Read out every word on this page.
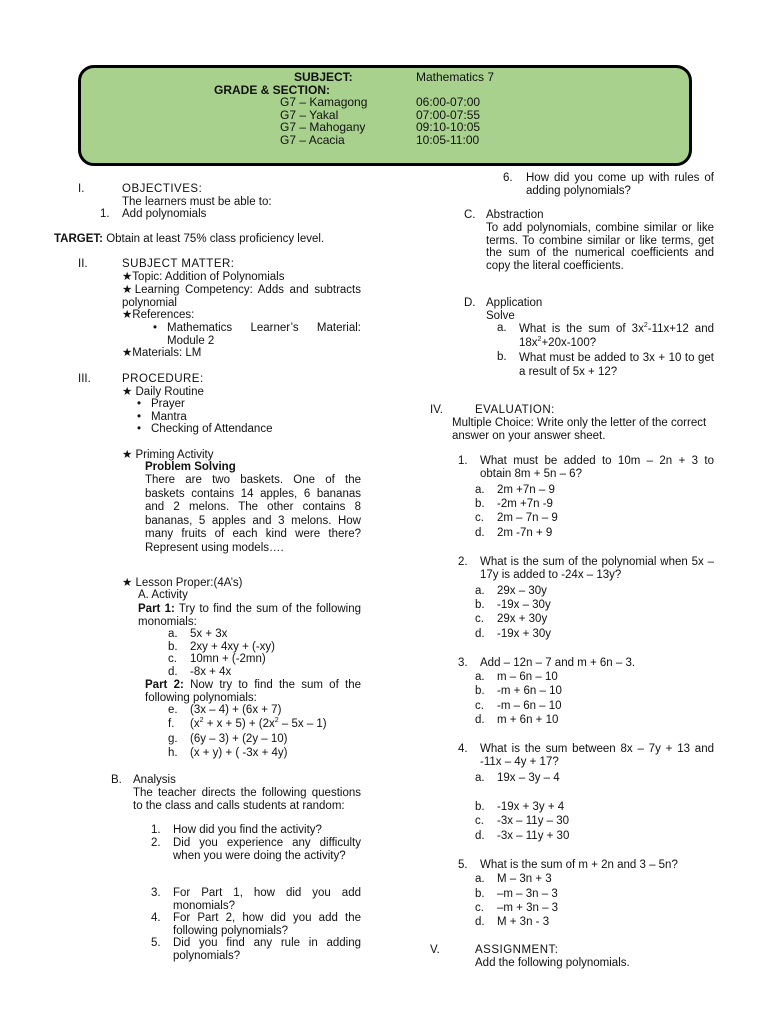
SUBJECT:	Mathematics 7
GRADE & SECTION:
G7 – Kamagong	06:00-07:00
G7 – Yakal	07:00-07:55
G7 – Mahogany	09:10-10:05
G7 – Acacia	10:05-11:00
I.	OBJECTIVES:
The learners must be able to:
1. Add polynomials
TARGET: Obtain at least 75% class proficiency level.
II.	SUBJECT MATTER:
★Topic: Addition of Polynomials
★Learning Competency: Adds and subtracts polynomial
★References:
• Mathematics Learner’s Material: Module 2
★Materials: LM
III.	PROCEDURE:
★ Daily Routine
• Prayer
• Mantra
• Checking of Attendance
★ Priming Activity
Problem Solving
There are two baskets. One of the baskets contains 14 apples, 6 bananas and 2 melons. The other contains 8 bananas, 5 apples and 3 melons. How many fruits of each kind were there? Represent using models….
★ Lesson Proper:(4A’s)
A. Activity
Part 1: Try to find the sum of the following monomials:
a. 5x + 3x
b. 2xy + 4xy + (-xy)
c. 10mn + (-2mn)
d. -8x + 4x
Part 2: Now try to find the sum of the following polynomials:
e. (3x – 4) + (6x + 7)
f. $(x^2 + x + 5) + (2x^2 - 5x - 1)$
g. (6y – 3) + (2y – 10)
h. (x + y) + ( -3x + 4y)
B. Analysis
The teacher directs the following questions to the class and calls students at random:
1. How did you find the activity?
2. Did you experience any difficulty when you were doing the activity?
3. For Part 1, how did you add monomials?
4. For Part 2, how did you add the following polynomials?
5. Did you find any rule in adding polynomials?
6. How did you come up with rules of adding polynomials?
C. Abstraction
To add polynomials, combine similar or like terms. To combine similar or like terms, get the sum of the numerical coefficients and copy the literal coefficients.
D. Application
Solve
a. What is the sum of $3x^2-11x+12$ and $18x^2+20x-100$?
b. What must be added to 3x + 10 to get a result of 5x + 12?
IV.	EVALUATION:
Multiple Choice: Write only the letter of the correct answer on your answer sheet.
1. What must be added to 10m – 2n + 3 to obtain 8m + 5n – 6?
a. 2m +7n – 9
b. -2m +7n -9
c. 2m – 7n – 9
d. 2m -7n + 9
2. What is the sum of the polynomial when 5x – 17y is added to -24x – 13y?
a. 29x – 30y
b. -19x – 30y
c. 29x + 30y
d. -19x + 30y
3. Add – 12n – 7 and m + 6n – 3.
a. m – 6n – 10
b. -m + 6n – 10
c. -m – 6n – 10
d. m + 6n + 10
4. What is the sum between 8x – 7y + 13 and -11x – 4y + 17?
a. 19x – 3y – 4
b. -19x + 3y + 4
c. -3x – 11y – 30
d. -3x – 11y + 30
5. What is the sum of m + 2n and 3 – 5n?
a. M – 3n + 3
b. –m – 3n – 3
c. –m + 3n – 3
d. M + 3n - 3
V.	ASSIGNMENT:
Add the following polynomials.
